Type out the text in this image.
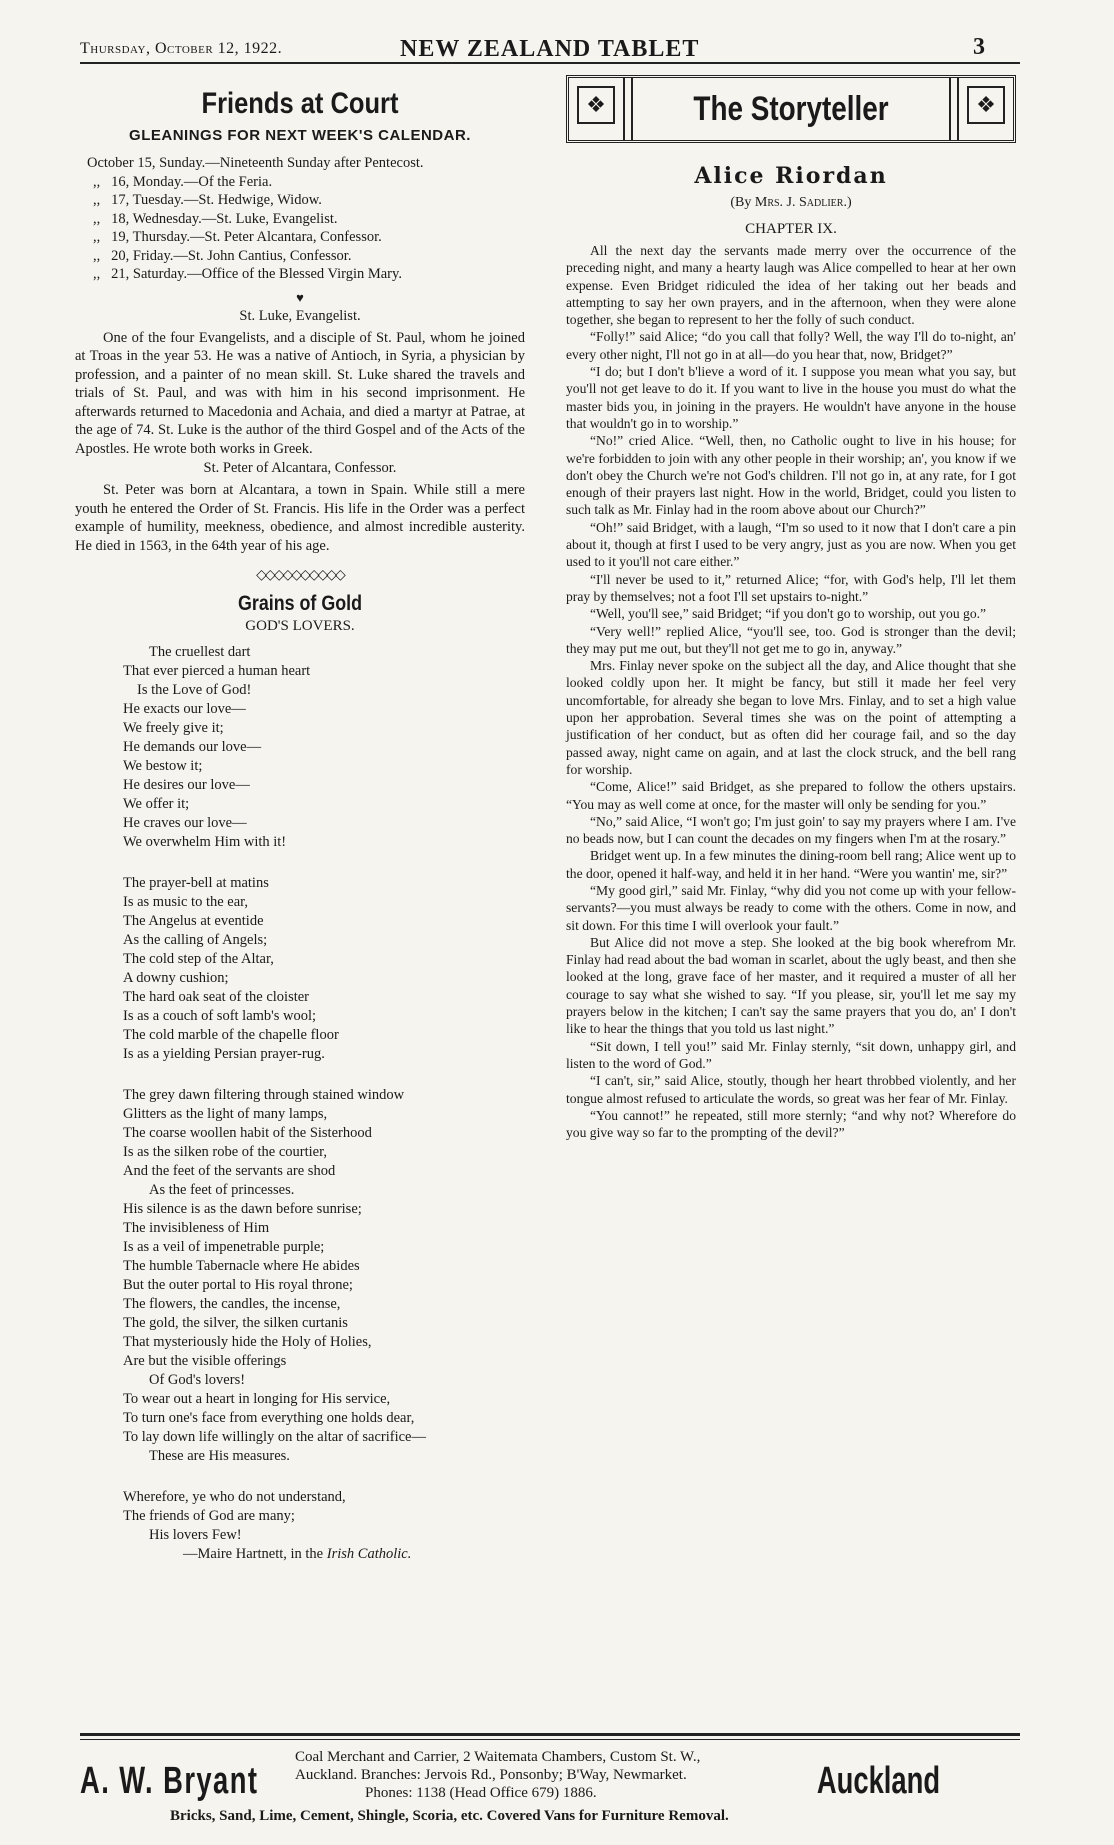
Thursday, October 12, 1922.	NEW ZEALAND TABLET	3
Friends at Court
GLEANINGS FOR NEXT WEEK'S CALENDAR.
October 15, Sunday.—Nineteenth Sunday after Pentecost.
,,   16, Monday.—Of the Feria.
,,   17, Tuesday.—St. Hedwige, Widow.
,,   18, Wednesday.—St. Luke, Evangelist.
,,   19, Thursday.—St. Peter Alcantara, Confessor.
,,   20, Friday.—St. John Cantius, Confessor.
,,   21, Saturday.—Office of the Blessed Virgin Mary.
♥
St. Luke, Evangelist.

One of the four Evangelists, and a disciple of St. Paul, whom he joined at Troas in the year 53. He was a native of Antioch, in Syria, a physician by profession, and a painter of no mean skill. St. Luke shared the travels and trials of St. Paul, and was with him in his second imprisonment. He afterwards returned to Macedonia and Achaia, and died a martyr at Patrae, at the age of 74. St. Luke is the author of the third Gospel and of the Acts of the Apostles. He wrote both works in Greek.

St. Peter of Alcantara, Confessor.

St. Peter was born at Alcantara, a town in Spain. While still a mere youth he entered the Order of St. Francis. His life in the Order was a perfect example of humility, meekness, obedience, and almost incredible austerity. He died in 1563, in the 64th year of his age.

◇◇◇◇◇◇◇◇◇◇
Grains of Gold
GOD'S LOVERS.
The cruellest dart
That ever pierced a human heart
Is the Love of God!
He exacts our love—
We freely give it;
He demands our love—
We bestow it;
He desires our love—
We offer it;
He craves our love—
We overwhelm Him with it!
The prayer-bell at matins
Is as music to the ear,
The Angelus at eventide
As the calling of Angels;
The cold step of the Altar,
A downy cushion;
The hard oak seat of the cloister
Is as a couch of soft lamb's wool;
The cold marble of the chapelle floor
Is as a yielding Persian prayer-rug.
The grey dawn filtering through stained window
Glitters as the light of many lamps,
The coarse woollen habit of the Sisterhood
Is as the silken robe of the courtier,
And the feet of the servants are shod
As the feet of princesses.
His silence is as the dawn before sunrise;
The invisibleness of Him
Is as a veil of impenetrable purple;
The humble Tabernacle where He abides
But the outer portal to His royal throne;
The flowers, the candles, the incense,
The gold, the silver, the silken curtanis
That mysteriously hide the Holy of Holies,
Are but the visible offerings
Of God's lovers!
To wear out a heart in longing for His service,
To turn one's face from everything one holds dear,
To lay down life willingly on the altar of sacrifice—
These are His measures.
Wherefore, ye who do not understand,
The friends of God are many;
His lovers Few!
—Maire Hartnett, in the Irish Catholic.
❖	The Storyteller	❖
Alice Riordan
(By Mrs. J. Sadlier.)
CHAPTER IX.

All the next day the servants made merry over the occurrence of the preceding night, and many a hearty laugh was Alice compelled to hear at her own expense. Even Bridget ridiculed the idea of her taking out her beads and attempting to say her own prayers, and in the afternoon, when they were alone together, she began to represent to her the folly of such conduct.

“Folly!” said Alice; “do you call that folly? Well, the way I'll do to-night, an' every other night, I'll not go in at all—do you hear that, now, Bridget?”

“I do; but I don't b'lieve a word of it. I suppose you mean what you say, but you'll not get leave to do it. If you want to live in the house you must do what the master bids you, in joining in the prayers. He wouldn't have anyone in the house that wouldn't go in to worship.”

“No!” cried Alice. “Well, then, no Catholic ought to live in his house; for we're forbidden to join with any other people in their worship; an', you know if we don't obey the Church we're not God's children. I'll not go in, at any rate, for I got enough of their prayers last night. How in the world, Bridget, could you listen to such talk as Mr. Finlay had in the room above about our Church?”

“Oh!” said Bridget, with a laugh, “I'm so used to it now that I don't care a pin about it, though at first I used to be very angry, just as you are now. When you get used to it you'll not care either.”

“I'll never be used to it,” returned Alice; “for, with God's help, I'll let them pray by themselves; not a foot I'll set upstairs to-night.”

“Well, you'll see,” said Bridget; “if you don't go to worship, out you go.”

“Very well!” replied Alice, “you'll see, too. God is stronger than the devil; they may put me out, but they'll not get me to go in, anyway.”

Mrs. Finlay never spoke on the subject all the day, and Alice thought that she looked coldly upon her. It might be fancy, but still it made her feel very uncomfortable, for already she began to love Mrs. Finlay, and to set a high value upon her approbation. Several times she was on the point of attempting a justification of her conduct, but as often did her courage fail, and so the day passed away, night came on again, and at last the clock struck, and the bell rang for worship.

“Come, Alice!” said Bridget, as she prepared to follow the others upstairs. “You may as well come at once, for the master will only be sending for you.”

“No,” said Alice, “I won't go; I'm just goin' to say my prayers where I am. I've no beads now, but I can count the decades on my fingers when I'm at the rosary.”

Bridget went up. In a few minutes the dining-room bell rang; Alice went up to the door, opened it half-way, and held it in her hand. “Were you wantin' me, sir?”

“My good girl,” said Mr. Finlay, “why did you not come up with your fellow-servants?—you must always be ready to come with the others. Come in now, and sit down. For this time I will overlook your fault.”

But Alice did not move a step. She looked at the big book wherefrom Mr. Finlay had read about the bad woman in scarlet, about the ugly beast, and then she looked at the long, grave face of her master, and it required a muster of all her courage to say what she wished to say. “If you please, sir, you'll let me say my prayers below in the kitchen; I can't say the same prayers that you do, an' I don't like to hear the things that you told us last night.”

“Sit down, I tell you!” said Mr. Finlay sternly, “sit down, unhappy girl, and listen to the word of God.”

“I can't, sir,” said Alice, stoutly, though her heart throbbed violently, and her tongue almost refused to articulate the words, so great was her fear of Mr. Finlay.

“You cannot!” he repeated, still more sternly; “and why not? Wherefore do you give way so far to the prompting of the devil?”

A. W. Bryant
Coal Merchant and Carrier, 2 Waitemata Chambers, Custom St. W.,
Auckland. Branches: Jervois Rd., Ponsonby; B'Way, Newmarket.
Phones: 1138 (Head Office 679) 1886.	Auckland
Bricks, Sand, Lime, Cement, Shingle, Scoria, etc. Covered Vans for Furniture Removal.
